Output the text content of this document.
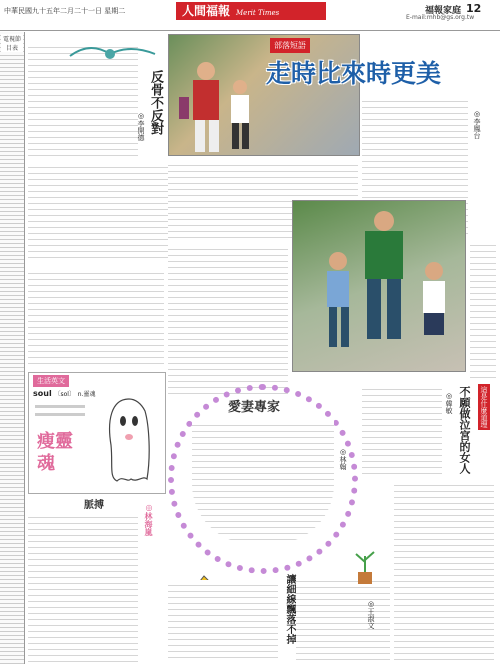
中華民國九十五年二月二十一日 星期二	人間福報 Merit Times	福報家庭 12
E-mail:mhb@gs.org.tw
電視節目表
反骨不反對
◎李開德
部落短語
走時比來時更美
◎李鳳台
這是什麼道理
不願做泣宮的女人
◎韓敏
生活英文
soul 〔sol〕 n.靈魂
瘦靈魂
脈搏	◎林海嵐
愛妻專家
◎林翰
讓細線飄落不掉	◎王淑文
